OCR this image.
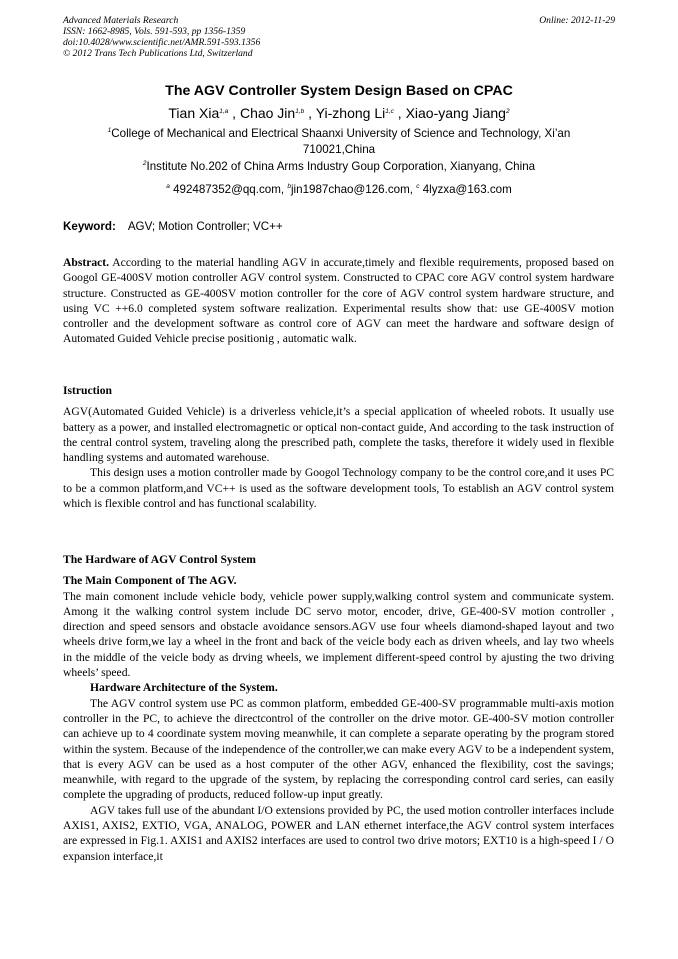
Advanced Materials Research
ISSN: 1662-8985, Vols. 591-593, pp 1356-1359
doi:10.4028/www.scientific.net/AMR.591-593.1356
© 2012 Trans Tech Publications Ltd, Switzerland
Online: 2012-11-29
The AGV Controller System Design Based on CPAC
Tian Xia$^{1,a}$ , Chao Jin$^{1,b}$ , Yi-zhong Li$^{1,c}$ , Xiao-yang Jiang$^2$
$^1$College of Mechanical and Electrical Shaanxi University of Science and Technology, Xi’an
710021,China
$^2$Institute No.202 of China Arms Industry Goup Corporation, Xianyang, China
$^a$ 492487352@qq.com, $^b$jin1987chao@126.com, $^c$ 4lyzxa@163.com
Keyword: AGV; Motion Controller; VC++

Abstract. According to the material handling AGV in accurate,timely and flexible requirements, proposed based on Googol GE-400SV motion controller AGV control system. Constructed to CPAC core AGV control system hardware structure. Constructed as GE-400SV motion controller for the core of AGV control system hardware structure, and using VC ++6.0 completed system software realization. Experimental results show that: use GE-400SV motion controller and the development software as control core of AGV can meet the hardware and software design of Automated Guided Vehicle precise positionig , automatic walk.

Istruction

AGV(Automated Guided Vehicle) is a driverless vehicle,it’s a special application of wheeled robots. It usually use battery as a power, and installed electromagnetic or optical non-contact guide, And according to the task instruction of the central control system, traveling along the prescribed path, complete the tasks, therefore it widely used in flexible handling systems and automated warehouse.

This design uses a motion controller made by Googol Technology company to be the control core,and it uses PC to be a common platform,and VC++ is used as the software development tools, To establish an AGV control system which is flexible control and has functional scalability.

The Hardware of AGV Control System

The Main Component of The AGV.

The main comonent include vehicle body, vehicle power supply,walking control system and communicate system. Among it the walking control system include DC servo motor, encoder, drive, GE-400-SV motion controller , direction and speed sensors and obstacle avoidance sensors.AGV use four wheels diamond-shaped layout and two wheels drive form,we lay a wheel in the front and back of the veicle body each as driven wheels, and lay two wheels in the middle of the veicle body as drving wheels, we implement different-speed control by ajusting the two driving wheels’ speed.

Hardware Architecture of the System.

The AGV control system use PC as common platform, embedded GE-400-SV programmable multi-axis motion controller in the PC, to achieve the directcontrol of the controller on the drive motor. GE-400-SV motion controller can achieve up to 4 coordinate system moving meanwhile, it can complete a separate operating by the program stored within the system. Because of the independence of the controller,we can make every AGV to be a independent system, that is every AGV can be used as a host computer of the other AGV, enhanced the flexibility, cost the savings; meanwhile, with regard to the upgrade of the system, by replacing the corresponding control card series, can easily complete the upgrading of products, reduced follow-up input greatly.

AGV takes full use of the abundant I/O extensions provided by PC, the used motion controller interfaces include AXIS1, AXIS2, EXTIO, VGA, ANALOG, POWER and LAN ethernet interface,the AGV control system interfaces are expressed in Fig.1. AXIS1 and AXIS2 interfaces are used to control two drive motors; EXT10 is a high-speed I / O expansion interface,it
